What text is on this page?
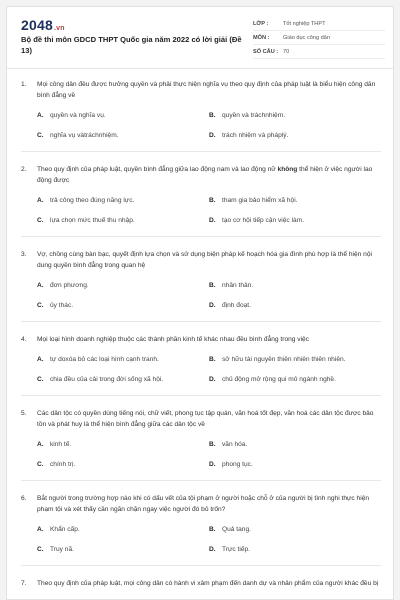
2048.vn
Bộ đề thi môn GDCD THPT Quốc gia năm 2022 có lời giải (Đề 13)
LỚP :	Tốt nghiệp THPT
MÔN :	Giáo dục công dân
SỐ CÂU : 70
1.	Mọi công dân đều được hưởng quyền và phải thực hiện nghĩa vụ theo quy định của pháp luật là biểu hiện công dân bình đẳng về
A. quyền và nghĩa vụ.	B. quyền và tráchnhiệm.
C. nghĩa vụ vàtráchnhiệm.	D. trách nhiệm và pháplý.
2.	Theo quy định của pháp luật, quyền bình đẳng giữa lao động nam và lao động nữ không thể hiện ở việc người lao động được
A. trả công theo đúng năng lực.	B. tham gia bảo hiểm xã hội.
C. lựa chọn mức thuế thu nhập.	D. tạo cơ hội tiếp cận việc làm.
3.	Vợ, chồng cùng bàn bạc, quyết định lựa chọn và sử dụng biện pháp kế hoạch hóa gia đình phù hợp là thể hiện nội dung quyền bình đẳng trong quan hệ
A. đơn phương.	B. nhân thân.
C. ủy thác.	D. định đoạt.
4.	Mọi loại hình doanh nghiệp thuộc các thành phần kinh tế khác nhau đều bình đẳng trong việc
A. tự doxóa bỏ các loại hình cạnh tranh.	B. sở hữu tài nguyên thiên nhiên thiên nhiên.
C. chia đều của cải trong đời sống xã hội.	D. chủ động mở rộng qui mô ngành nghề.
5.	Các dân tộc có quyền dùng tiếng nói, chữ viết, phong tục tập quán, văn hoá tốt đẹp, văn hoá các dân tộc được bảo tồn và phát huy là thể hiện bình đẳng giữa các dân tộc về
A. kinh tế.	B. văn hóa.
C. chính trị.	D. phong tục.
6.	Bắt người trong trường hợp nào khi có dấu vết của tội phạm ở người hoặc chỗ ở của người bị tình nghi thực hiện phạm tội và xét thấy cần ngăn chặn ngay việc người đó bỏ trốn?
A. Khẩn cấp.	B. Quả tang.
C. Truy nã.	D. Trực tiếp.
7.	Theo quy định của pháp luật, mọi công dân có hành vi xâm phạm đến danh dự và nhân phẩm của người khác đều bị
